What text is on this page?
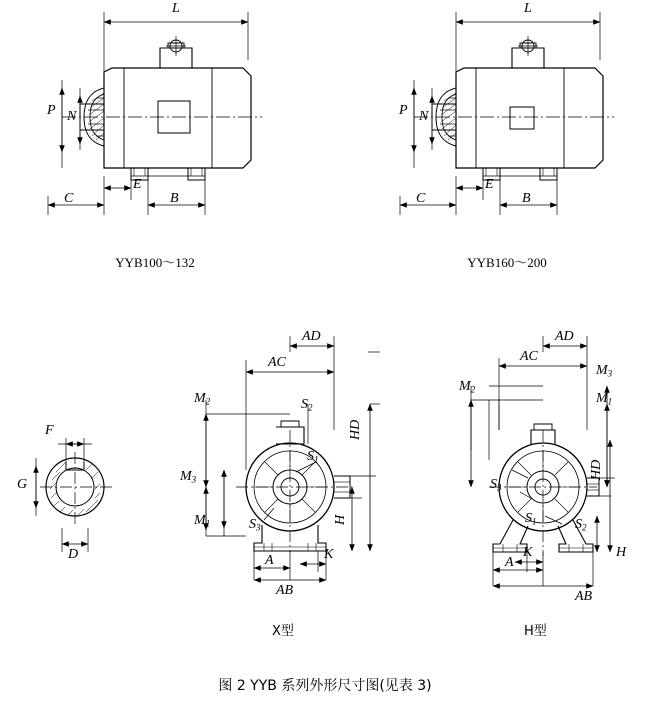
L
P N
C
E
B
YYB100～132
L
P N
C
E
B
YYB160～200
F
G
D
AD
AC
$M_2$
$M_3$
$M_1$
$S_2$
$S_1$
$S_3$
HD
H
A	K
AB
X型
AD
AC
$M_3$
$M_1$
$M_2$
$S_3$
$S_1$	$S_2$
HD
H
A
K
AB
H型
图 2 YYB 系列外形尺寸图(见表 3)
